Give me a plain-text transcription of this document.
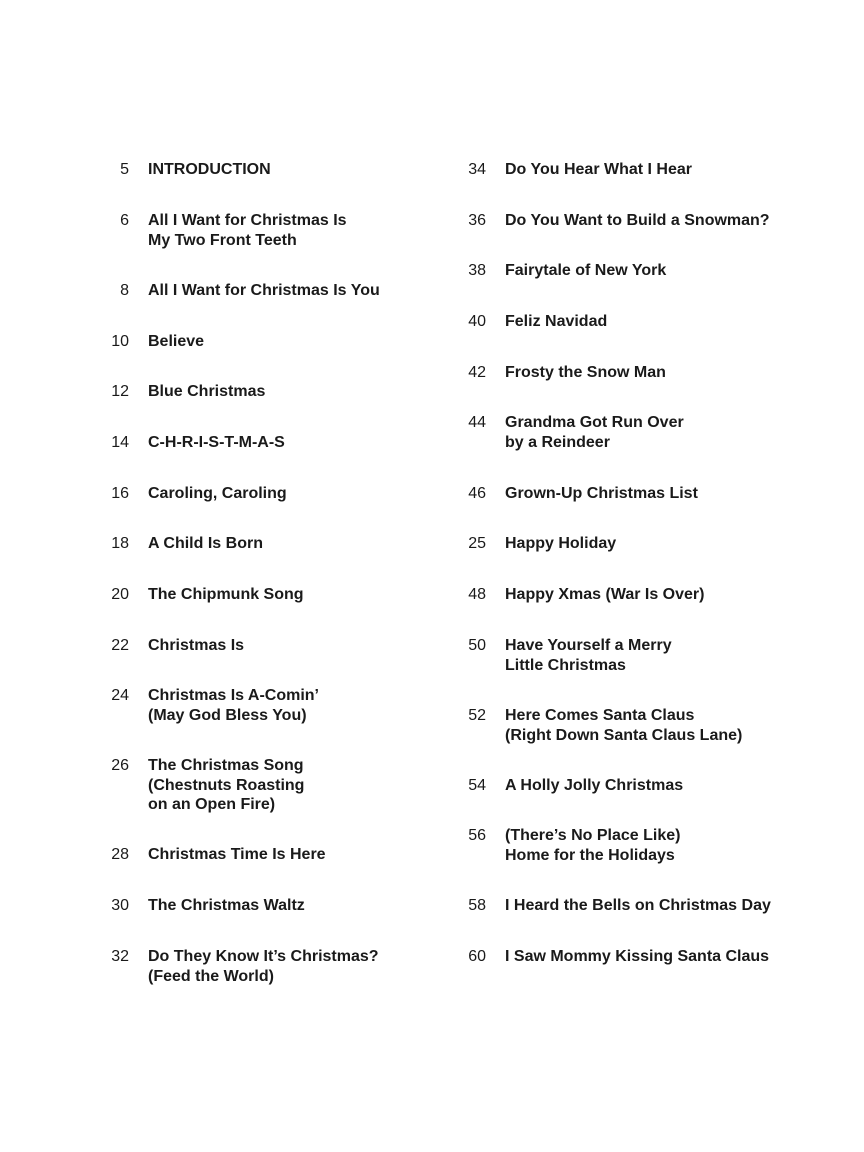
5 INTRODUCTION
6 All I Want for Christmas Is
My Two Front Teeth
8 All I Want for Christmas Is You
10 Believe
12 Blue Christmas
14 C-H-R-I-S-T-M-A-S
16 Caroling, Caroling
18 A Child Is Born
20 The Chipmunk Song
22 Christmas Is
24 Christmas Is A-Comin’
(May God Bless You)
26 The Christmas Song
(Chestnuts Roasting
on an Open Fire)
28 Christmas Time Is Here
30 The Christmas Waltz
32 Do They Know It’s Christmas?
(Feed the World)
34 Do You Hear What I Hear
36 Do You Want to Build a Snowman?
38 Fairytale of New York
40 Feliz Navidad
42 Frosty the Snow Man
44 Grandma Got Run Over
by a Reindeer
46 Grown-Up Christmas List
25 Happy Holiday
48 Happy Xmas (War Is Over)
50 Have Yourself a Merry
Little Christmas
52 Here Comes Santa Claus
(Right Down Santa Claus Lane)
54 A Holly Jolly Christmas
56 (There’s No Place Like)
Home for the Holidays
58 I Heard the Bells on Christmas Day
60 I Saw Mommy Kissing Santa Claus
